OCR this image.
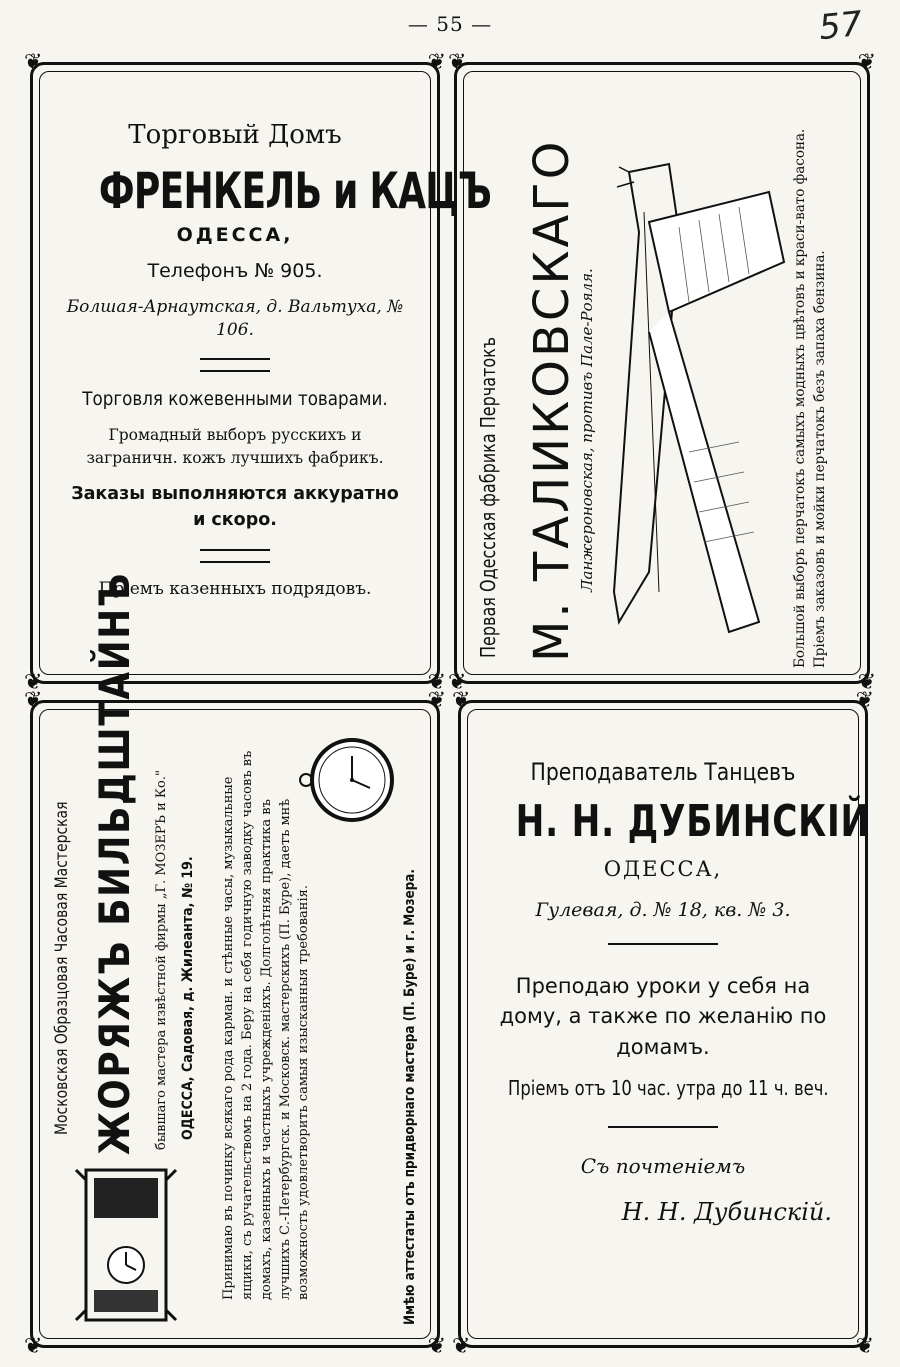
— 55 —	57
❦	❦
❦	❦
Торговый Домъ
ФРЕНКЕЛЬ и КАЦЪ
ОДЕССА,
Телефонъ № 905.
Болшая-Арнаутская, д. Вальтуха, № 106.
Торговля кожевенными товарами.
Громадный выборъ русскихъ и заграничн. кожъ лучшихъ фабрикъ.
Заказы выполняются аккуратно
и скоро.
Пріемъ казенныхъ подрядовъ.
❦	❦
❦	❦
Первая Одесская фабрика Перчатокъ М. ТАЛИКОВСКАГО
Ланжероновская, противъ Пале-Рояля.	Большой выборъ перчатокъ самыхъ модныхъ цвѣтовъ и краси-вато фасона. Пріемъ заказовъ и мойки перчатокъ безъ запаха бензина.
❦	❦
❦	❦
Московская Образцовая Часовая Мастерская ЖОРЯЖЪ БИЛЬДШТАЙНЪ бывшаго мастера извѣстной фирмы „Г. МОЗЕРЪ и Ко." ОДЕССА, Садовая, д. Жилеанта, № 19. Принимаю въ починку всякаго рода карман. и стѣнные часы, музыкальные ящики, съ ручательствомъ на 2 года. Беру на себя годичную заводку часовъ въ домахъ, казенныхъ и частныхъ учрежденіяхъ. Долголѣтняя практика въ лучшихъ С.-Петербургск. и Московск. мастерскихъ (П. Буре), даетъ мнѣ возможность удовлетворить самыя изысканныя требованія.	Имѣю аттестаты отъ придворнаго мастера (П. Буре) и г. Мозера.
❦	❦
❦	❦
Преподаватель Танцевъ
Н. Н. ДУБИНСКІЙ
ОДЕССА,
Гулевая, д. № 18, кв. № 3.
Преподаю уроки у себя на дому, а также по желанію по домамъ.
Пріемъ отъ 10 час. утра до 11 ч. веч.
Съ почтеніемъ
Н. Н. Дубинскій.
